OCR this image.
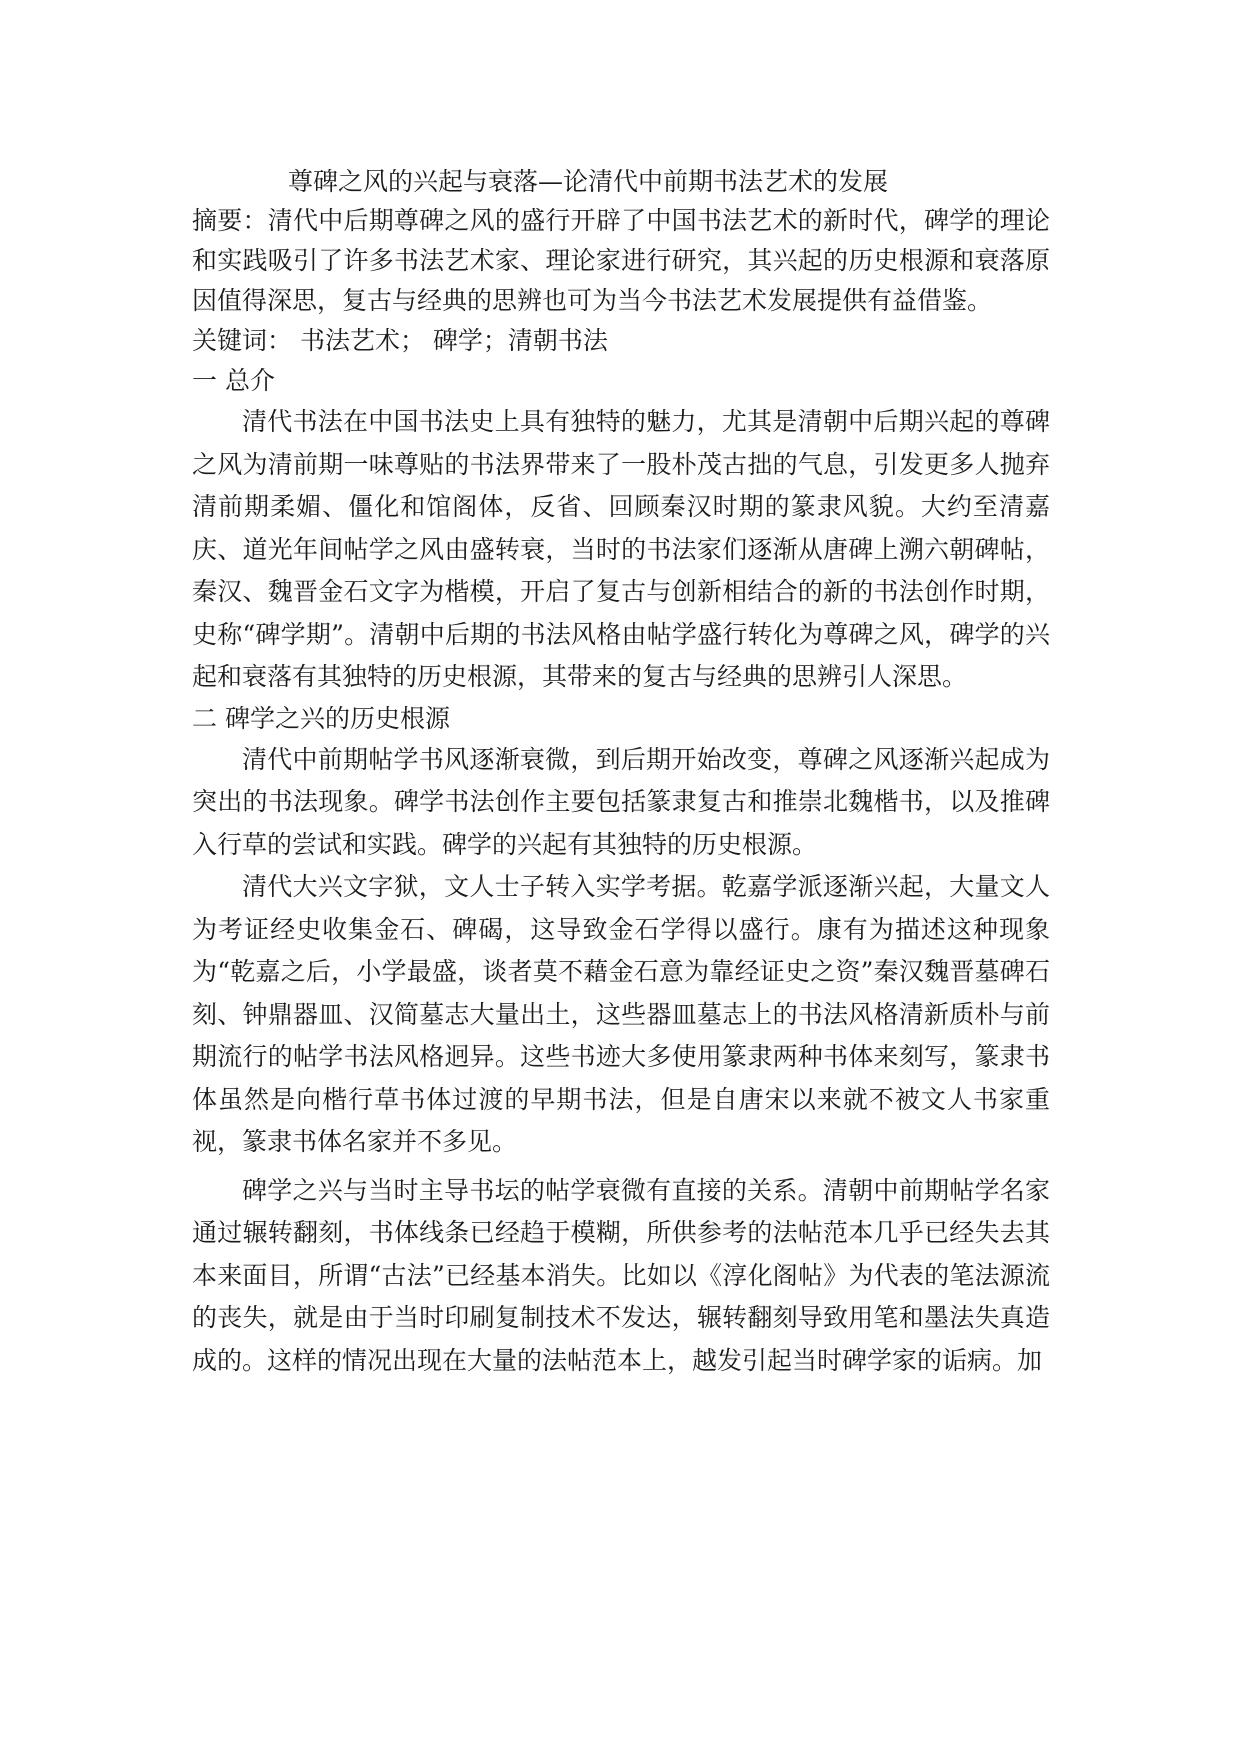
尊碑之风的兴起与衰落—论清代中前期书法艺术的发展

摘要：清代中后期尊碑之风的盛行开辟了中国书法艺术的新时代，碑学的理论和实践吸引了许多书法艺术家、理论家进行研究，其兴起的历史根源和衰落原因值得深思，复古与经典的思辨也可为当今书法艺术发展提供有益借鉴。

关键词： 书法艺术； 碑学；清朝书法

一 总介

清代书法在中国书法史上具有独特的魅力，尤其是清朝中后期兴起的尊碑之风为清前期一味尊贴的书法界带来了一股朴茂古拙的气息，引发更多人抛弃清前期柔媚、僵化和馆阁体，反省、回顾秦汉时期的篆隶风貌。大约至清嘉庆、道光年间帖学之风由盛转衰，当时的书法家们逐渐从唐碑上溯六朝碑帖，秦汉、魏晋金石文字为楷模，开启了复古与创新相结合的新的书法创作时期，史称“碑学期”。清朝中后期的书法风格由帖学盛行转化为尊碑之风，碑学的兴起和衰落有其独特的历史根源，其带来的复古与经典的思辨引人深思。

二 碑学之兴的历史根源

清代中前期帖学书风逐渐衰微，到后期开始改变，尊碑之风逐渐兴起成为突出的书法现象。碑学书法创作主要包括篆隶复古和推崇北魏楷书，以及推碑入行草的尝试和实践。碑学的兴起有其独特的历史根源。

清代大兴文字狱，文人士子转入实学考据。乾嘉学派逐渐兴起，大量文人为考证经史收集金石、碑碣，这导致金石学得以盛行。康有为描述这种现象为“乾嘉之后，小学最盛，谈者莫不藉金石意为靠经证史之资”秦汉魏晋墓碑石刻、钟鼎器皿、汉简墓志大量出土，这些器皿墓志上的书法风格清新质朴与前期流行的帖学书法风格迥异。这些书迹大多使用篆隶两种书体来刻写，篆隶书体虽然是向楷行草书体过渡的早期书法，但是自唐宋以来就不被文人书家重视，篆隶书体名家并不多见。

碑学之兴与当时主导书坛的帖学衰微有直接的关系。清朝中前期帖学名家通过辗转翻刻，书体线条已经趋于模糊，所供参考的法帖范本几乎已经失去其本来面目，所谓“古法”已经基本消失。比如以《淳化阁帖》为代表的笔法源流的丧失，就是由于当时印刷复制技术不发达，辗转翻刻导致用笔和墨法失真造成的。这样的情况出现在大量的法帖范本上，越发引起当时碑学家的诟病。加
